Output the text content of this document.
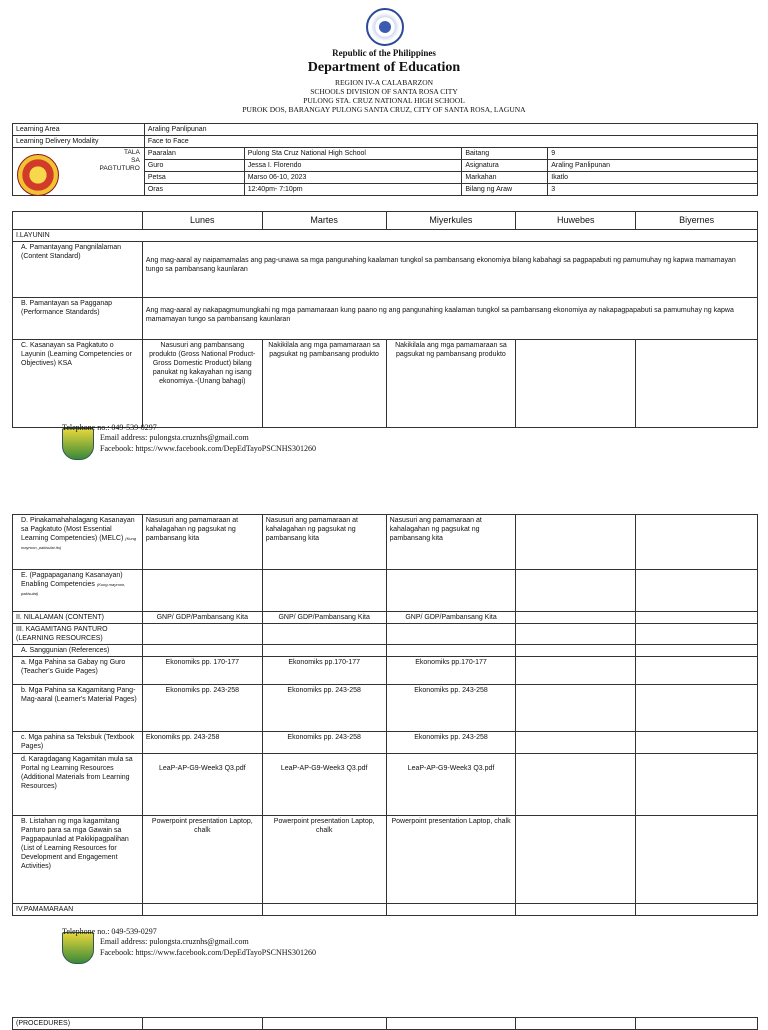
Republic of the Philippines
Department of Education
REGION IV-A CALABARZON
SCHOOLS DIVISION OF SANTA ROSA CITY
PULONG STA. CRUZ NATIONAL HIGH SCHOOL
PUROK DOS, BARANGAY PULONG SANTA CRUZ, CITY OF SANTA ROSA, LAGUNA
Learning Area	Araling Panlipunan			
Learning Delivery Modality	Face to Face			

TALA
SA
PAGTUTURO	Paaralan	Pulong Sta Cruz National High School	Baitang	9
	Guro	Jessa I. Florendo	Asignatura	Araling Panlipunan
	Petsa	Marso 06-10, 2023	Markahan	Ikatlo
	Oras	12:40pm- 7:10pm	Bilang ng Araw	3
	Lunes	Martes	Miyerkules	Huwebes	Biyernes
I.LAYUNIN					
A. Pamantayang Pangnilalaman (Content Standard)	Ang mag-aaral ay naipamamalas ang pag-unawa sa mga pangunahing kaalaman tungkol sa pambansang ekonomiya bilang kabahagi sa pagpapabuti ng pamumuhay ng kapwa mamamayan tungo sa pambansang kaunlaran				
B. Pamantayan sa Pagganap (Performance Standards)	Ang mag-aaral ay nakapagmumungkahi ng mga pamamaraan kung paano ng ang pangunahing kaalaman tungkol sa pambansang ekonomiya ay nakapagpapabuti sa pamumuhay ng kapwa mamamayan tungo sa pambansang kaunlaran				
C. Kasanayan sa Pagkatuto o Layunin (Learning Competencies or Objectives) KSA	Nasusuri ang pambansang produkto (Gross National Product-Gross Domestic Product) bilang panukat ng kakayahan ng isang ekonomiya.-(Unang bahagi)	Nakikilala ang mga pamamaraan sa pagsukat ng pambansang produkto	Nakikilala ang mga pamamaraan sa pagsukat ng pambansang produkto		
Telephone no.: 049-539-0297
Email address: pulongsta.cruznhs@gmail.com
Facebook: https://www.facebook.com/DepEdTayoPSCNHS301260
D. Pinakamahahalagang Kasanayan sa Pagkatuto (Most Essential Learning Competencies) (MELC) (Kung mayroon, pakisulat ito)	Nasusuri ang pamamaraan at kahalagahan ng pagsukat ng pambansang kita	Nasusuri ang pamamaraan at kahalagahan ng pagsukat ng pambansang kita	Nasusuri ang pamamaraan at kahalagahan ng pagsukat ng pambansang kita		
E. (Pagpapaganang Kasanayan) Enabling Competencies (Kung mayroon, pakisulat)					
II. NILALAMAN (CONTENT)	GNP/ GDP/Pambansang Kita	GNP/ GDP/Pambansang Kita	GNP/ GDP/Pambansang Kita		
III. KAGAMITANG PANTURO (LEARNING RESOURCES)					
A. Sanggunian (References)					
a. Mga Pahina sa Gabay ng Guro (Teacher's Guide Pages)	Ekonomiks pp. 170-177	Ekonomiks pp.170-177	Ekonomiks pp.170-177		
b. Mga Pahina sa Kagamitang Pang-Mag-aaral (Learner's Material Pages)	Ekonomiks pp. 243-258	Ekonomiks pp. 243-258	Ekonomiks pp. 243-258		
c. Mga pahina sa Teksbuk (Textbook Pages)	Ekonomiks pp. 243-258	Ekonomiks pp. 243-258	Ekonomiks pp. 243-258		
d. Karagdagang Kagamitan mula sa Portal ng Learning Resources (Additional Materials from Learning Resources)	LeaP-AP-G9-Week3 Q3.pdf	LeaP-AP-G9-Week3 Q3.pdf	LeaP-AP-G9-Week3 Q3.pdf		
B. Listahan ng mga kagamitang Panturo para sa mga Gawain sa Pagpapaunlad at Pakikipagpalihan (List of Learning Resources for Development and Engagement Activities)	Powerpoint presentation Laptop, chalk	Powerpoint presentation Laptop, chalk	Powerpoint presentation Laptop, chalk		
IV.PAMAMARAAN					
Telephone no.: 049-539-0297
Email address: pulongsta.cruznhs@gmail.com
Facebook: https://www.facebook.com/DepEdTayoPSCNHS301260
(PROCEDURES)					
